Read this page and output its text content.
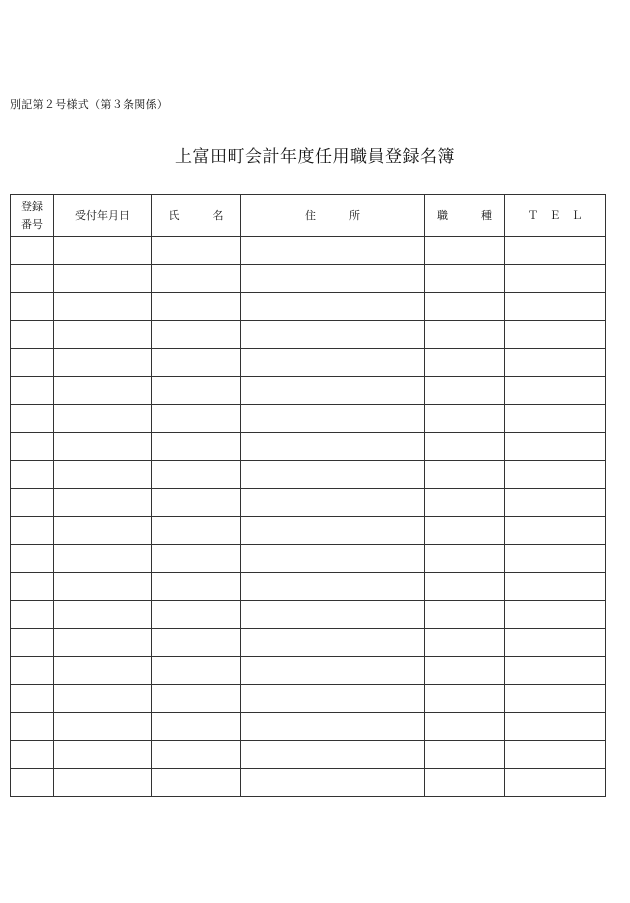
別記第２号様式（第３条関係）
上富田町会計年度任用職員登録名簿
登録
番号	受付年月日	氏　　　名	住　　　所	職　　　種	Ｔ　Ｅ　Ｌ
